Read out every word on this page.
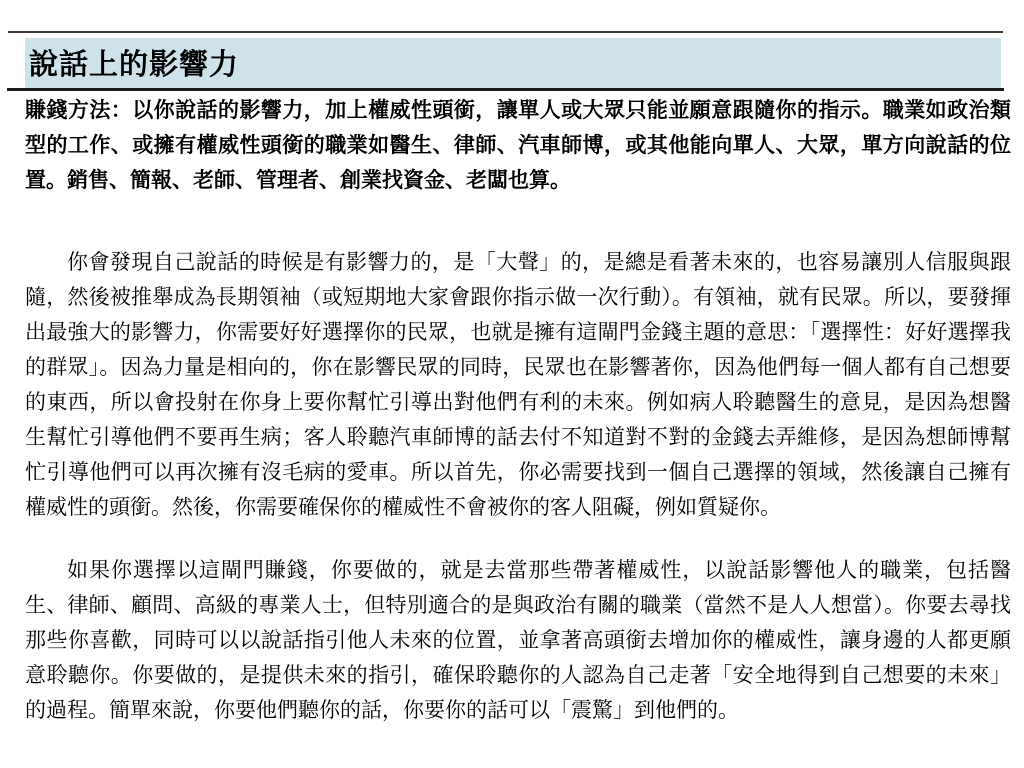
說話上的影響力

賺錢方法：以你說話的影響力，加上權威性頭銜，讓單人或大眾只能並願意跟隨你的指示。職業如政治類型的工作、或擁有權威性頭銜的職業如醫生、律師、汽車師博，或其他能向單人、大眾，單方向說話的位置。銷售、簡報、老師、管理者、創業找資金、老闆也算。

你會發現自己說話的時候是有影響力的，是「大聲」的，是總是看著未來的，也容易讓別人信服與跟隨，然後被推舉成為長期領袖（或短期地大家會跟你指示做一次行動）。有領袖，就有民眾。所以，要發揮出最強大的影響力，你需要好好選擇你的民眾，也就是擁有這閘門金錢主題的意思：「選擇性：好好選擇我的群眾」。因為力量是相向的，你在影響民眾的同時，民眾也在影響著你，因為他們每一個人都有自己想要的東西，所以會投射在你身上要你幫忙引導出對他們有利的未來。例如病人聆聽醫生的意見，是因為想醫生幫忙引導他們不要再生病；客人聆聽汽車師博的話去付不知道對不對的金錢去弄維修，是因為想師博幫忙引導他們可以再次擁有沒毛病的愛車。所以首先，你必需要找到一個自己選擇的領域，然後讓自己擁有權威性的頭銜。然後，你需要確保你的權威性不會被你的客人阻礙，例如質疑你。

如果你選擇以這閘門賺錢，你要做的，就是去當那些帶著權威性，以說話影響他人的職業，包括醫生、律師、顧問、高級的專業人士，但特別適合的是與政治有關的職業（當然不是人人想當）。你要去尋找那些你喜歡，同時可以以說話指引他人未來的位置，並拿著高頭銜去增加你的權威性，讓身邊的人都更願意聆聽你。你要做的，是提供未來的指引，確保聆聽你的人認為自己走著「安全地得到自己想要的未來」的過程。簡單來說，你要他們聽你的話，你要你的話可以「震驚」到他們的。
